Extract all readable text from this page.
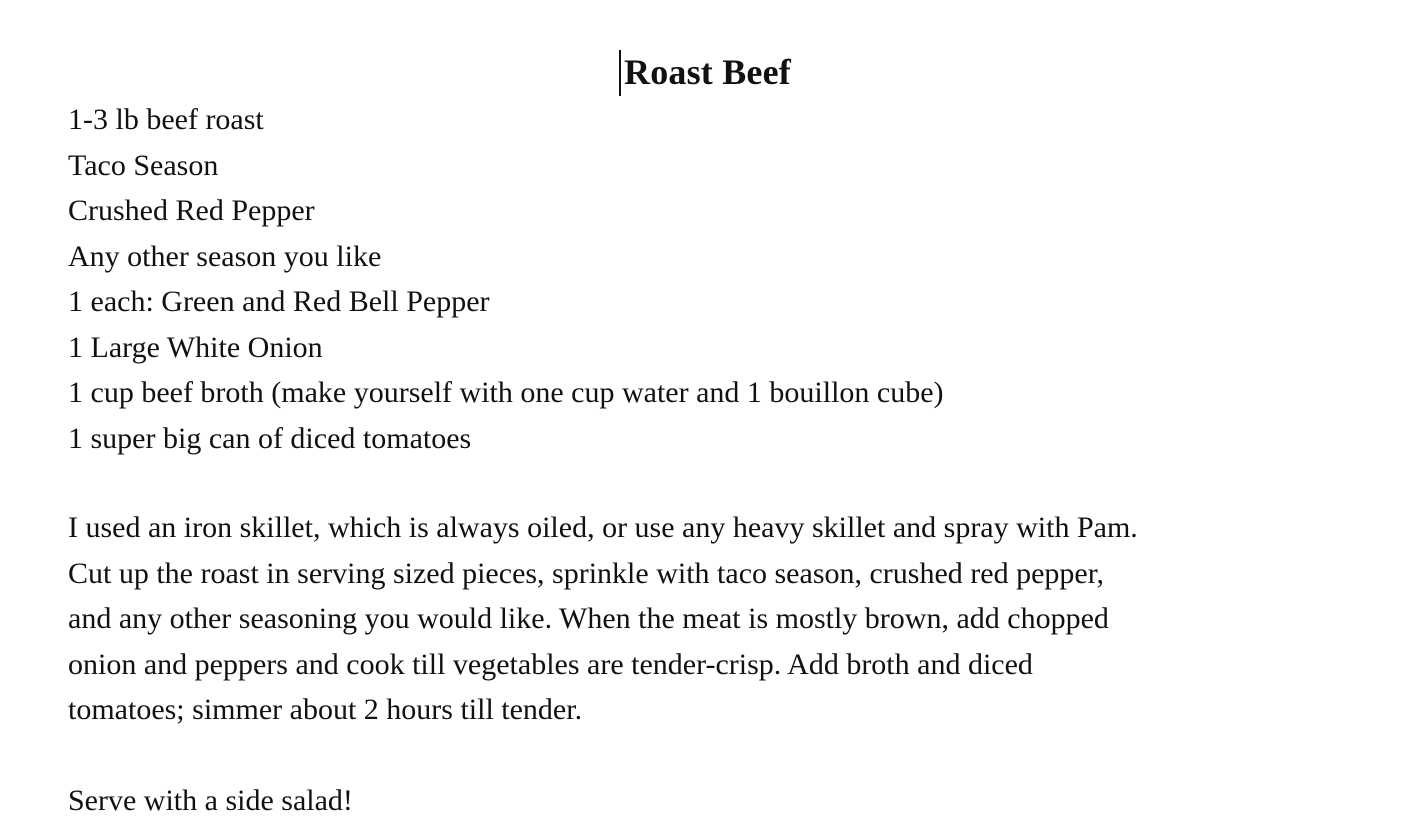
Roast Beef
1-3 lb beef roast
Taco Season
Crushed Red Pepper
Any other season you like
1 each: Green and Red Bell Pepper
1 Large White Onion
1 cup beef broth (make yourself with one cup water and 1 bouillon cube)
1 super big can of diced tomatoes
I used an iron skillet, which is always oiled, or use any heavy skillet and spray with Pam.
Cut up the roast in serving sized pieces, sprinkle with taco season, crushed red pepper,
and any other seasoning you would like. When the meat is mostly brown, add chopped
onion and peppers and cook till vegetables are tender-crisp. Add broth and diced
tomatoes; simmer about 2 hours till tender.
Serve with a side salad!
